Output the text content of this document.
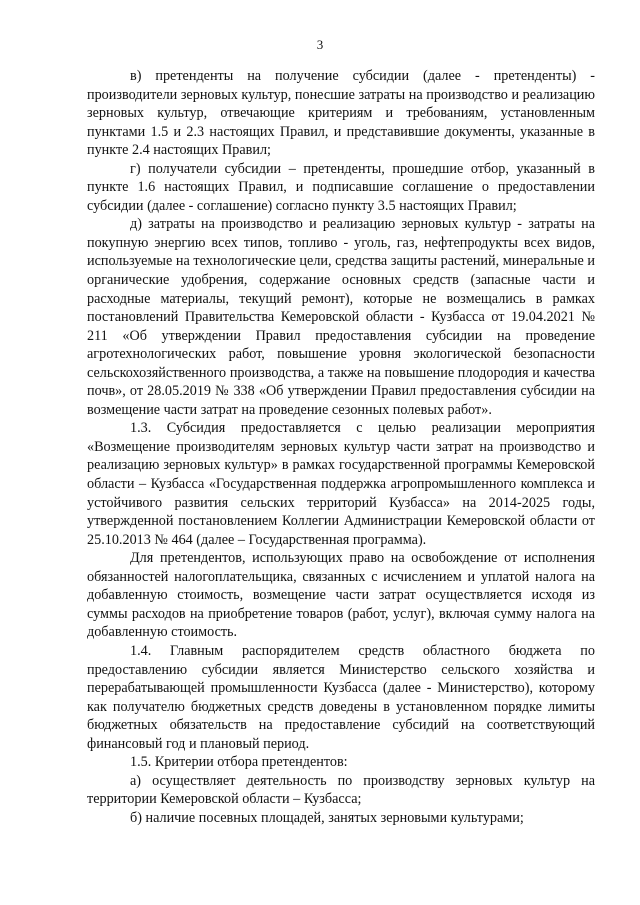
3

в) претенденты на получение субсидии (далее - претенденты) - производители зерновых культур, понесшие затраты на производство и реализацию зерновых культур, отвечающие критериям и требованиям, установленным пунктами 1.5 и 2.3 настоящих Правил, и представившие документы, указанные в пункте 2.4 настоящих Правил;

г) получатели субсидии – претенденты, прошедшие отбор, указанный в пункте 1.6 настоящих Правил, и подписавшие соглашение о предоставлении субсидии (далее - соглашение) согласно пункту 3.5 настоящих Правил;

д) затраты на производство и реализацию зерновых культур - затраты на покупную энергию всех типов, топливо - уголь, газ, нефтепродукты всех видов, используемые на технологические цели, средства защиты растений, минеральные и органические удобрения, содержание основных средств (запасные части и расходные материалы, текущий ремонт), которые не возмещались в рамках постановлений Правительства Кемеровской области - Кузбасса от 19.04.2021 № 211 «Об утверждении Правил предоставления субсидии на проведение агротехнологических работ, повышение уровня экологической безопасности сельскохозяйственного производства, а также на повышение плодородия и качества почв», от 28.05.2019 № 338 «Об утверждении Правил предоставления субсидии на возмещение части затрат на проведение сезонных полевых работ».

1.3. Субсидия предоставляется с целью реализации мероприятия «Возмещение производителям зерновых культур части затрат на производство и реализацию зерновых культур» в рамках государственной программы Кемеровской области – Кузбасса «Государственная поддержка агропромышленного комплекса и устойчивого развития сельских территорий Кузбасса» на 2014-2025 годы, утвержденной постановлением Коллегии Администрации Кемеровской области от 25.10.2013 № 464 (далее – Государственная программа).

Для претендентов, использующих право на освобождение от исполнения обязанностей налогоплательщика, связанных с исчислением и уплатой налога на добавленную стоимость, возмещение части затрат осуществляется исходя из суммы расходов на приобретение товаров (работ, услуг), включая сумму налога на добавленную стоимость.

1.4. Главным распорядителем средств областного бюджета по предоставлению субсидии является Министерство сельского хозяйства и перерабатывающей промышленности Кузбасса (далее - Министерство), которому как получателю бюджетных средств доведены в установленном порядке лимиты бюджетных обязательств на предоставление субсидий на соответствующий финансовый год и плановый период.

1.5. Критерии отбора претендентов:

а) осуществляет деятельность по производству зерновых культур на территории Кемеровской области – Кузбасса;

б) наличие посевных площадей, занятых зерновыми культурами;
